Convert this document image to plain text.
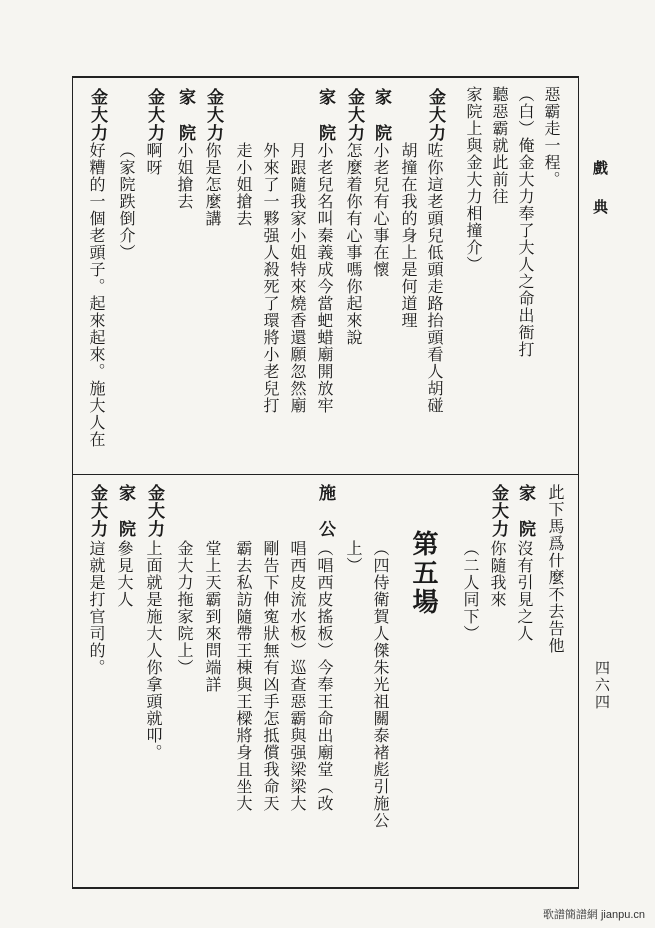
戲典
四六四
金大力	惡霸走一程。
（白）俺金大力奉了大人之命出衙打
聽惡霸就此前往
家院上與金大力相撞介）
咗你這老頭兒低頭走路抬頭看人胡碰
胡撞在我的身上是何道理
家　院
小老兒有心事在懷
金大力
怎麼着你有心事嗎你起來說
家　院
小老兒名叫秦義成今當蚆蜡廟開放牢
月跟隨我家小姐特來燒香還願忽然廟
外來了一夥强人殺死了環將小老兒打
走小姐搶去
金大力
你是怎麼講
家　院
小姐搶去
金大力
啊呀
（家院跌倒介）
金大力
好糟的一個老頭子。起來起來。施大人在
此下馬爲什麼不去告他
家　院
沒有引見之人
金大力
你隨我來
（二人同下）
第五場
（四侍衛賀人傑朱光祖關泰褚彪引施公
上）
施　公
（唱西皮搖板）今奉王命出廟堂（改
唱西皮流水板）巡查惡霸與强梁梁大
剛告下伸寃狀無有凶手怎抵償我命天
霸去私訪隨帶王棟與王樑將身且坐大
堂上天霸到來問端詳
金大力拖家院上）
金大力
上面就是施大人你拿頭就叩。
家　院
參見大人
金大力
這就是打官司的。
歌譜簡譜網 jianpu.cn
